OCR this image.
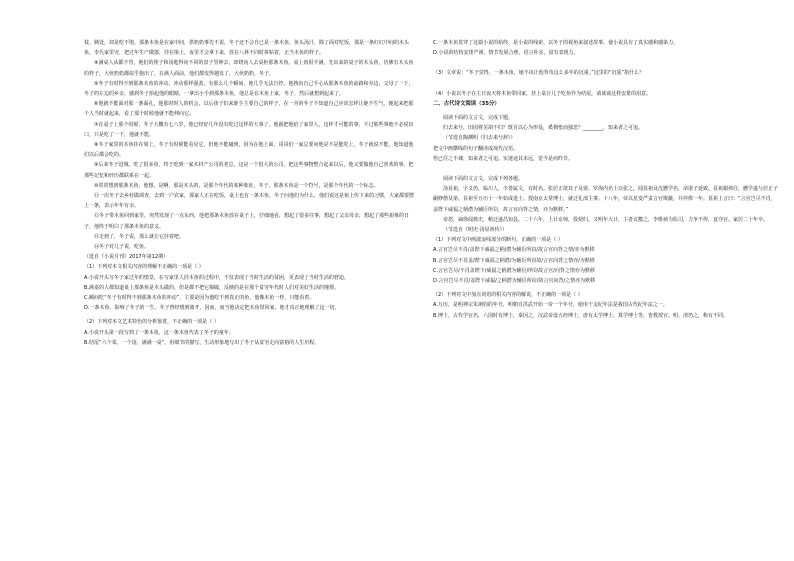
枝、胰处，却是吃不饱。那条木鱼是在家中间，供奶奶事先不说，冬子还不会自已是一条木鱼，鱼头汤汁，除了面对吃饭，那是一条红红中间的木头鱼，李氏家里穷，把过年生产做器，挂在梁上，夜里才会拿下来，放在八林不同时拼贴着，正当木鱼的样子。

④满桌人从都不管，他们的筷子和汤匙得向不同的盘子里伸去，却绕向人去桌柜那条木鱼。桌上肉很丰满，先出来的桌子的木头鱼，仿佛有木头鱼的样子，大伙奶奶都似乎抱出了，在满人面前，他们都变得越发了，大伙奶奶，冬子。

⑤冬子有时得不到那条木鱼的冲动，冲动那样强劲，有那么几个瞬间，他几乎无法自控。他拽出自己手心从那条木鱼的前路和旁边，父母了一下，冬子的左边的乡亲，感到冬子抬起他的眼睛，一拿出小手到那条木鱼，他总是在木鱼上家，冬子，然后就想到起来了。

⑥他就不能面对那一条面孔，他那时时人的机会，以后孩子们来谁全主要自己的样子，在一旁的冬子不知道自己应该怎样让她不生气，便起来把那个人当时就起来，看了那个时候他就不能伸向它。

⑦在桌子上那个时候，冬子大概有七八岁，他已经好几年没有吃过这样的大事了，他就把他给了家里人，这样才可能的事，不过那些事他不必说出口，只是吃了一下，他就不能。

⑧冬子家里的木鱼挂在梁上，冬子有时候能看见它，但他不能碰到，因为在他上面，哥哥们一家总要问他是不是能吃上，冬子就说不能，他知道他们以后都会吃的。

⑨后来冬子进城，吃了很多鱼，终于吃到一家木材产公司的老总，这是一个很大的公司，把这些事物整合起来以后，他又要做他自己喜欢的事，把那些记忆和经历都联系在一起。

⑩常常想到那条木鱼，他想，是啊，那是木头的，是那个年代的某种象征，冬子，那条木鱼是一个符号，是那个年代的一个标志。

⑪一次冬子去乡村做调查，去到一户农家，那家人正在吃饭，桌上也有一条木鱼，冬子问他们为什么，他们说这是祖上传下来的习惯，大家都要摆上一条，表示年年有余。

⑫冬子带木鱼回到家里，突然发现了一点东西，他把那条木鱼放在桌子上，仔细地看，想起了很多往事，想起了父亲母亲，想起了那些艰难的日子，他终于明白了那条木鱼的意义。

⑬走到了，冬子说，那么就让它挂着吧。

⑭冬子对儿子说，吃鱼。

（选自《小说月刊》2017年第12期）

（1）下列对本文相关内容的理解不正确的一项是（ ）

A.小说开头写冬子家过年的情景，在写家里人挂木鱼的过程中，不仅表现了当时生活的贫困，更表现了当时生活的窘迫。

B.满桌的人都知道桌上那条鱼是木头做的，但是都不把它揭破，反映的是在那个贫穷年代时人们对美好生活的憧憬。

C.瞬间吃“冬子有时得不到那条木鱼的冲动”，主要是因为他吃不到真正的鱼，他像木鱼一样，只能看着。

D.一条木鱼，影响了冬子的一生，冬子曾经想到离开，因而，而当他决定把木鱼带回家，他才真正地理解了这一切。

（2）下列对本文艺术特色的分析鉴赏，不正确的一项是（ ）

A.小说开头第一段写到了一条木鱼，这一条木鱼代表了冬子的童年。

B.结尾“六个菜，一个汤，满满一桌”，用细节的描写，生动形象地写出了冬子从贫穷走向富裕的人生历程。

C.一条木鱼贯穿了这篇小说的始终，是小说的线索，以冬子的视角来叙述故事，使小说具有了真实感和感染力。

D.小说的结构安排严谨，情节发展合理，语言朴实，富有表现力。

（3）文章说：“冬子觉得，一条木鱼，她不该让他背负这么多年的沉重。”这里的“沉重”指什么？

（4）小说以冬子在主日夜天将木鱼带回家，挂上桌让儿子吃鱼作为结尾，请谈谈这样安排的用意。

二、古代诗文阅读（35分）

阅读下面的文言文，完成下题。

归去来兮，田园将芜胡不归？既自以心为形役，奚惆怅而独悲？________，知来者之可追。

（节选自陶渊明《归去来兮辞》）

把文中画横线的句子翻译成现代汉语。

悟已往之不谏，知来者之可追。实迷途其未远，觉今是而昨非。

阅读下面的文言文，完成下列各题。

汤显祖，字义仍，临川人，少善属文，有时名。张居正欲其子及第，罗海内名士以张之。闻显祖及沈懋学名，命诸子延致。显祖谢弗往，懋学遂与居正子嗣修偕及第。显祖至万历十一年始成进士。授南京太常博士，就迁礼部主事。十八年，帝以星变严责言官欺蔽，并停俸一年。显祖上言曰：“言官岂尽不肖，盖陛下威福之柄潜为辅臣所窃，故言官向背之情，亦为默移。”

帝怒，谪徐闻典史，稍迁遂昌知县。二十六年，上计京师，投劾归。又明年大计，主者议黜之，李维祯为监司，力争不得，竟夺官。家居二十年卒。

（节选自《明史·汤显祖传》）

（1）下列对文中画波浪线部分的断句，正确的一项是（ ）

A.言官岂尽不肖/盖陛下威福之柄/潜为辅臣所窃/故言官向背之情/亦为默移

B.言官岂尽不肖盖/陛下威福之柄潜/为辅臣所窃故/言官向背之情亦/为默移

C.言官岂尽/不肖盖陛下/威福之柄潜为辅臣/所窃故言官/向背之情亦为默移

D.言官岂尽不肖/盖陛下威福/之柄潜为辅臣所窃/故言官向背/之情亦为默移

（2）下列对文中加点词语的相关内容的解说，不正确的一项是（ ）

A.万历，是明神宗朱翊钧的年号，明朝自洪武开始一帝一个年号，使用干支纪年法是我国古代纪年法之一。

B.博士，古代学官名，六国时有博士，秦因之，汉武帝设五经博士，唐有太学博士、算学博士等，皆教授官。明、清仍之，称有不同。
